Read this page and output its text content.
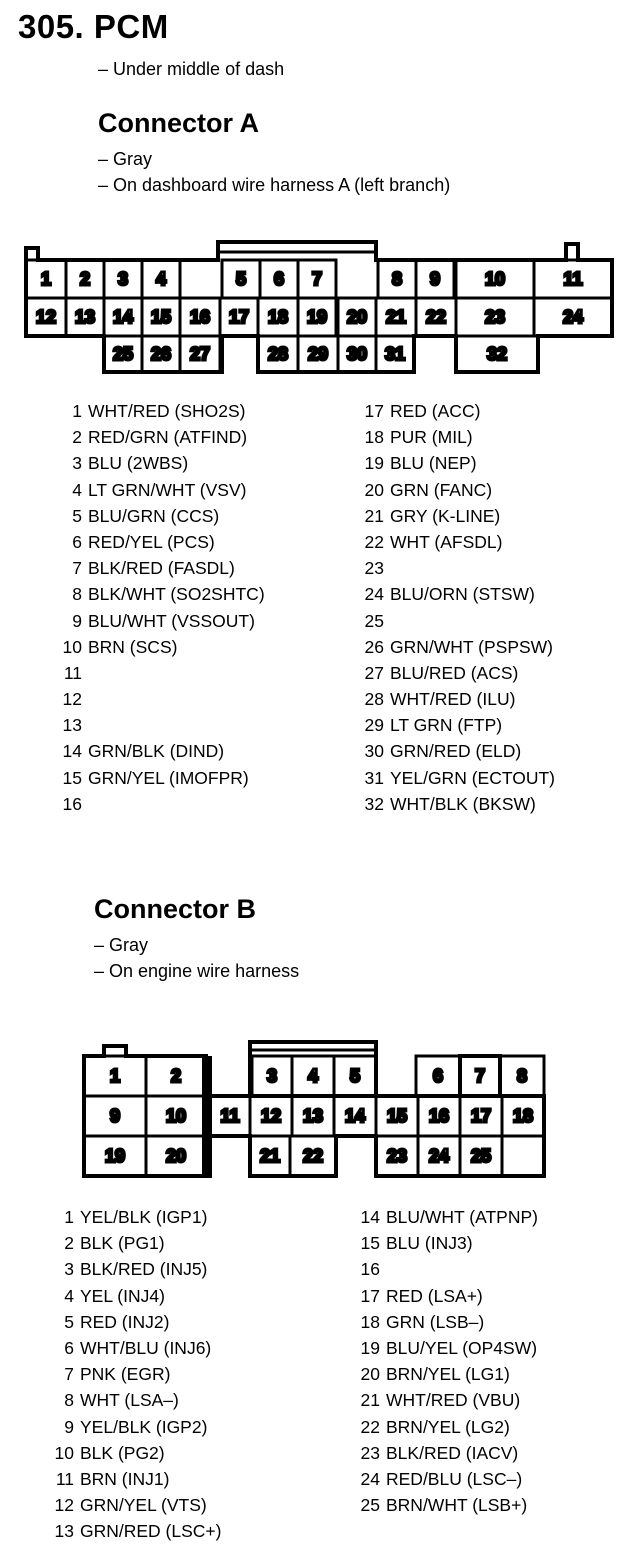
305. PCM
– Under middle of dash
Connector A
– Gray
– On dashboard wire harness A (left branch)
1 2 3 4	5 6 7	8 9 10	11
12 13 14 15 16 17 18 19 20 21 22 23	24
25 26 27	28 29 30 31	32
1 WHT/RED (SHO2S)
2 RED/GRN (ATFIND)
3 BLU (2WBS)
4 LT GRN/WHT (VSV)
5 BLU/GRN (CCS)
6 RED/YEL (PCS)
7 BLK/RED (FASDL)
8 BLK/WHT (SO2SHTC)
9 BLU/WHT (VSSOUT)
10 BRN (SCS)
11
12
13
14 GRN/BLK (DIND)
15 GRN/YEL (IMOFPR)
16
17 RED (ACC)
18 PUR (MIL)
19 BLU (NEP)
20 GRN (FANC)
21 GRY (K-LINE)
22 WHT (AFSDL)
23
24 BLU/ORN (STSW)
25
26 GRN/WHT (PSPSW)
27 BLU/RED (ACS)
28 WHT/RED (ILU)
29 LT GRN (FTP)
30 GRN/RED (ELD)
31 YEL/GRN (ECTOUT)
32 WHT/BLK (BKSW)
Connector B
– Gray
– On engine wire harness
1	2	3 4 5	6 7 8
9	10 11 12 13 14 15 16 17 18
19 20	21 22	23 24 25
1 YEL/BLK (IGP1)
2 BLK (PG1)
3 BLK/RED (INJ5)
4 YEL (INJ4)
5 RED (INJ2)
6 WHT/BLU (INJ6)
7 PNK (EGR)
8 WHT (LSA–)
9 YEL/BLK (IGP2)
10 BLK (PG2)
11 BRN (INJ1)
12 GRN/YEL (VTS)
13 GRN/RED (LSC+)
14 BLU/WHT (ATPNP)
15 BLU (INJ3)
16
17 RED (LSA+)
18 GRN (LSB–)
19 BLU/YEL (OP4SW)
20 BRN/YEL (LG1)
21 WHT/RED (VBU)
22 BRN/YEL (LG2)
23 BLK/RED (IACV)
24 RED/BLU (LSC–)
25 BRN/WHT (LSB+)
